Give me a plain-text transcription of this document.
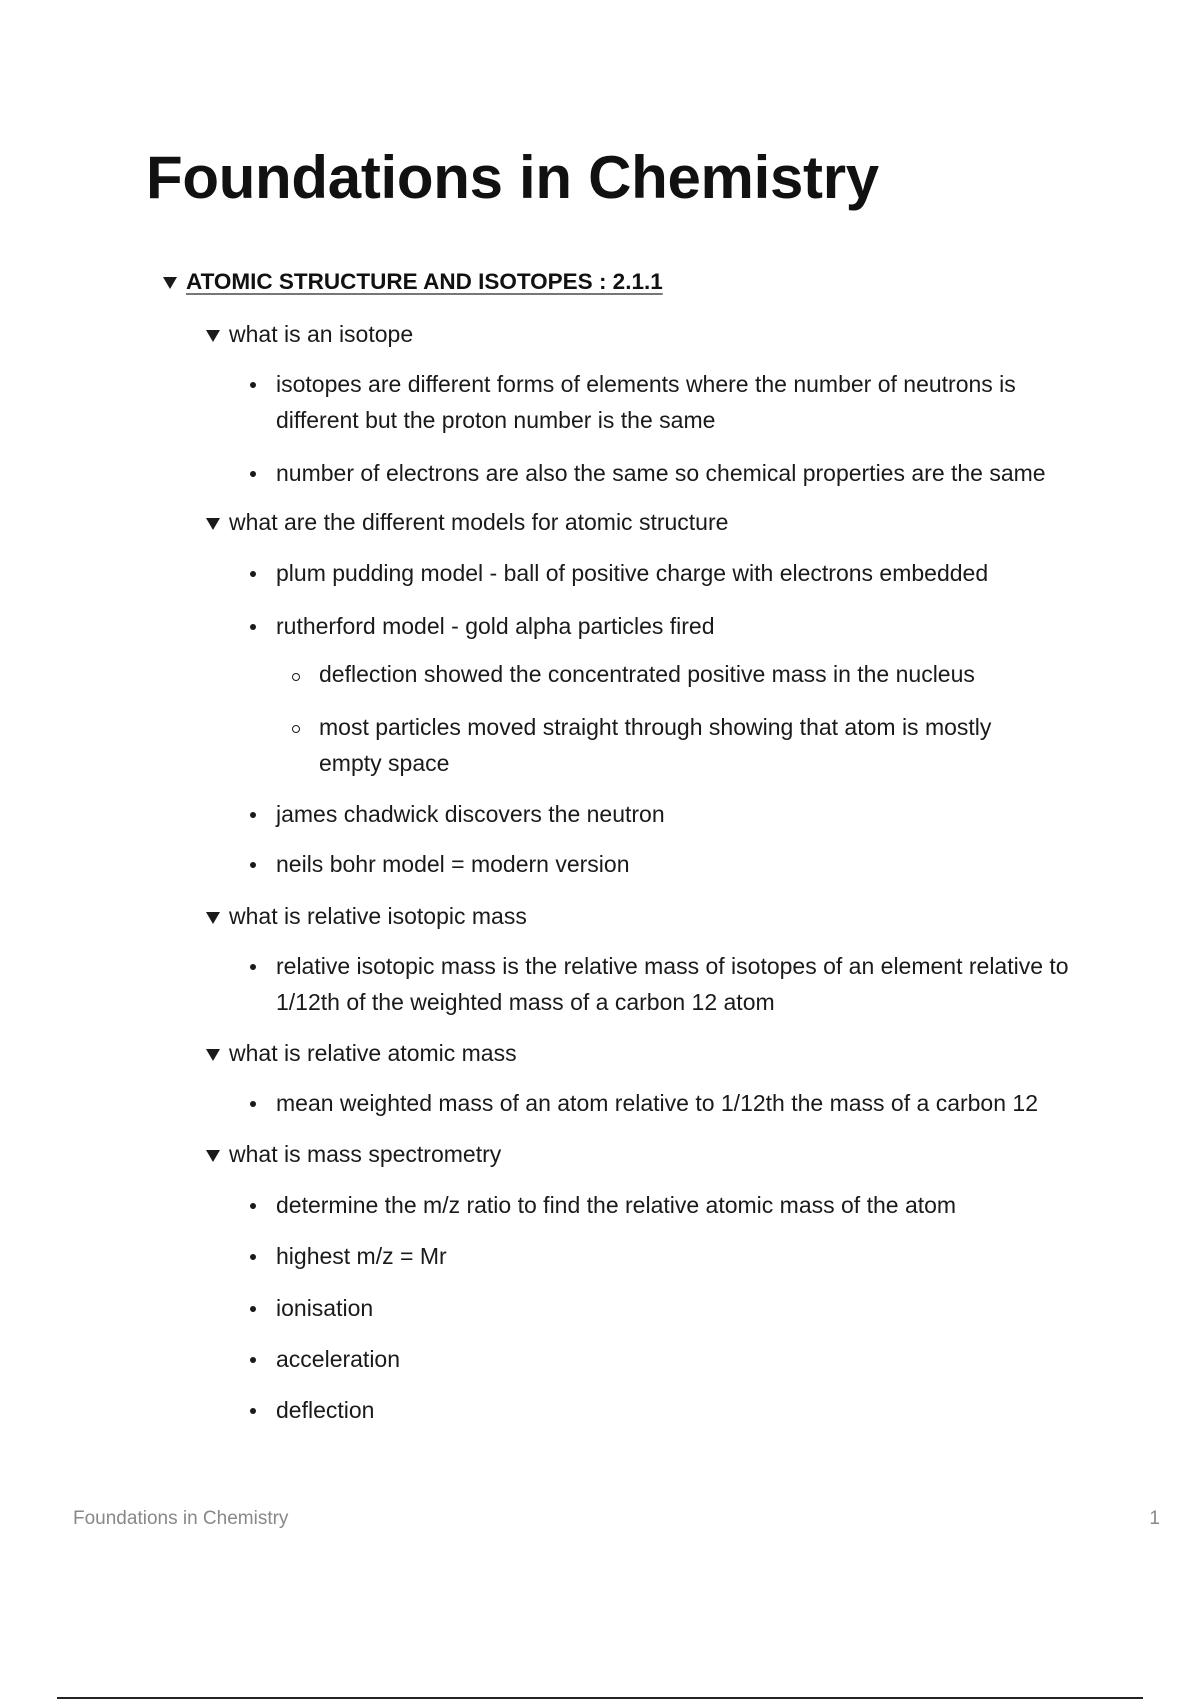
Foundations in Chemistry
ATOMIC STRUCTURE AND ISOTOPES : 2.1.1
what is an isotope
isotopes are different forms of elements where the number of neutrons is different but the proton number is the same
number of electrons are also the same so chemical properties are the same
what are the different models for atomic structure
plum pudding model - ball of positive charge with electrons embedded
rutherford model - gold alpha particles fired
deflection showed the concentrated positive mass in the nucleus
most particles moved straight through showing that atom is mostly empty space
james chadwick discovers the neutron
neils bohr model = modern version
what is relative isotopic mass
relative isotopic mass is the relative mass of isotopes of an element relative to 1/12th of the weighted mass of a carbon 12 atom
what is relative atomic mass
mean weighted mass of an atom relative to 1/12th the mass of a carbon 12
what is mass spectrometry
determine the m/z ratio to find the relative atomic mass of the atom
highest m/z = Mr
ionisation
acceleration
deflection
Foundations in Chemistry	1
